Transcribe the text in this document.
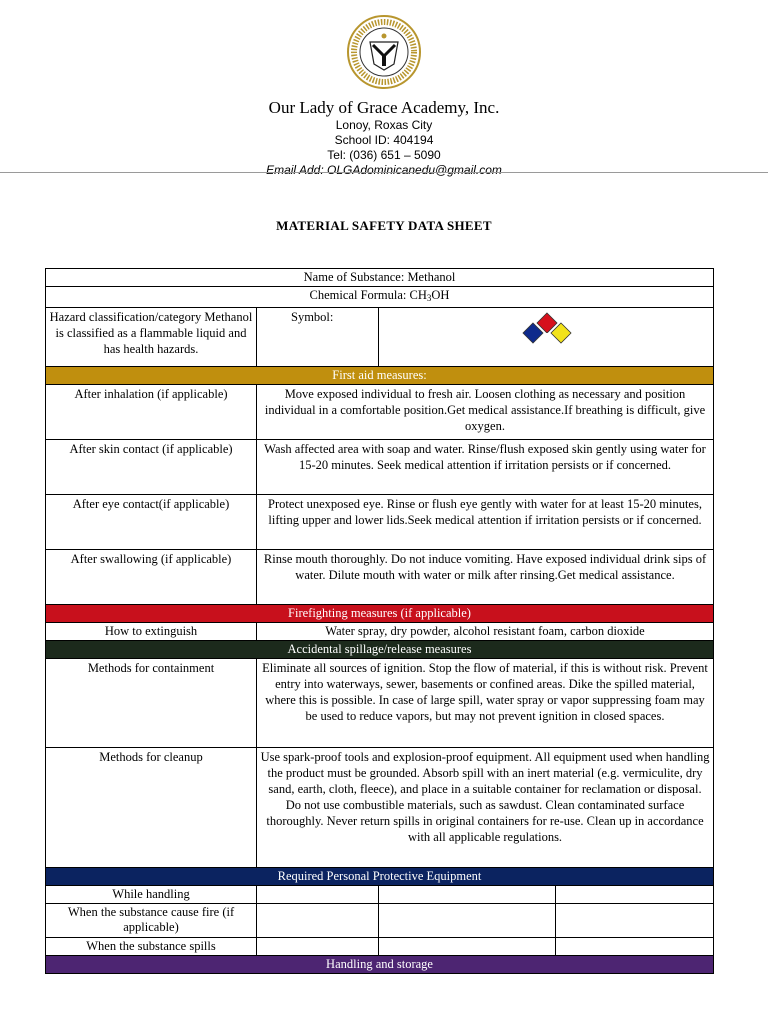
Our Lady of Grace Academy, Inc.
Lonoy, Roxas City
School ID: 404194
Tel: (036) 651 – 5090
Email Add: OLGAdominicanedu@gmail.com
MATERIAL SAFETY DATA SHEET
Name of Substance: Methanol			
Chemical Formula: $CH_3OH$			
Hazard classification/category Methanol is classified as a flammable liquid and has health hazards.	Symbol:	

First aid measures:			
After inhalation (if applicable)	Move exposed individual to fresh air. Loosen clothing as necessary and position individual in a comfortable position.Get medical assistance.If breathing is difficult, give oxygen.		
After skin contact (if applicable)	Wash affected area with soap and water. Rinse/flush exposed skin gently using water for 15-20 minutes. Seek medical attention if irritation persists or if concerned.		
After eye contact(if applicable)	Protect unexposed eye. Rinse or flush eye gently with water for at least 15-20 minutes, lifting upper and lower lids.Seek medical attention if irritation persists or if concerned.		
After swallowing (if applicable)	Rinse mouth thoroughly. Do not induce vomiting. Have exposed individual drink sips of water. Dilute mouth with water or milk after rinsing.Get medical assistance.		
Firefighting measures (if applicable)			
How to extinguish	Water spray, dry powder, alcohol resistant foam, carbon dioxide		
Accidental spillage/release measures			
Methods for containment	Eliminate all sources of ignition. Stop the flow of material, if this is without risk. Prevent entry into waterways, sewer, basements or confined areas. Dike the spilled material, where this is possible. In case of large spill, water spray or vapor suppressing foam may be used to reduce vapors, but may not prevent ignition in closed spaces.		
Methods for cleanup	Use spark-proof tools and explosion-proof equipment. All equipment used when handling the product must be grounded. Absorb spill with an inert material (e.g. vermiculite, dry sand, earth, cloth, fleece), and place in a suitable container for reclamation or disposal. Do not use combustible materials, such as sawdust. Clean contaminated surface thoroughly. Never return spills in original containers for re-use. Clean up in accordance with all applicable regulations.		
Required Personal Protective Equipment			
While handling			
When the substance cause fire (if applicable)			
When the substance spills			
Handling and storage			
